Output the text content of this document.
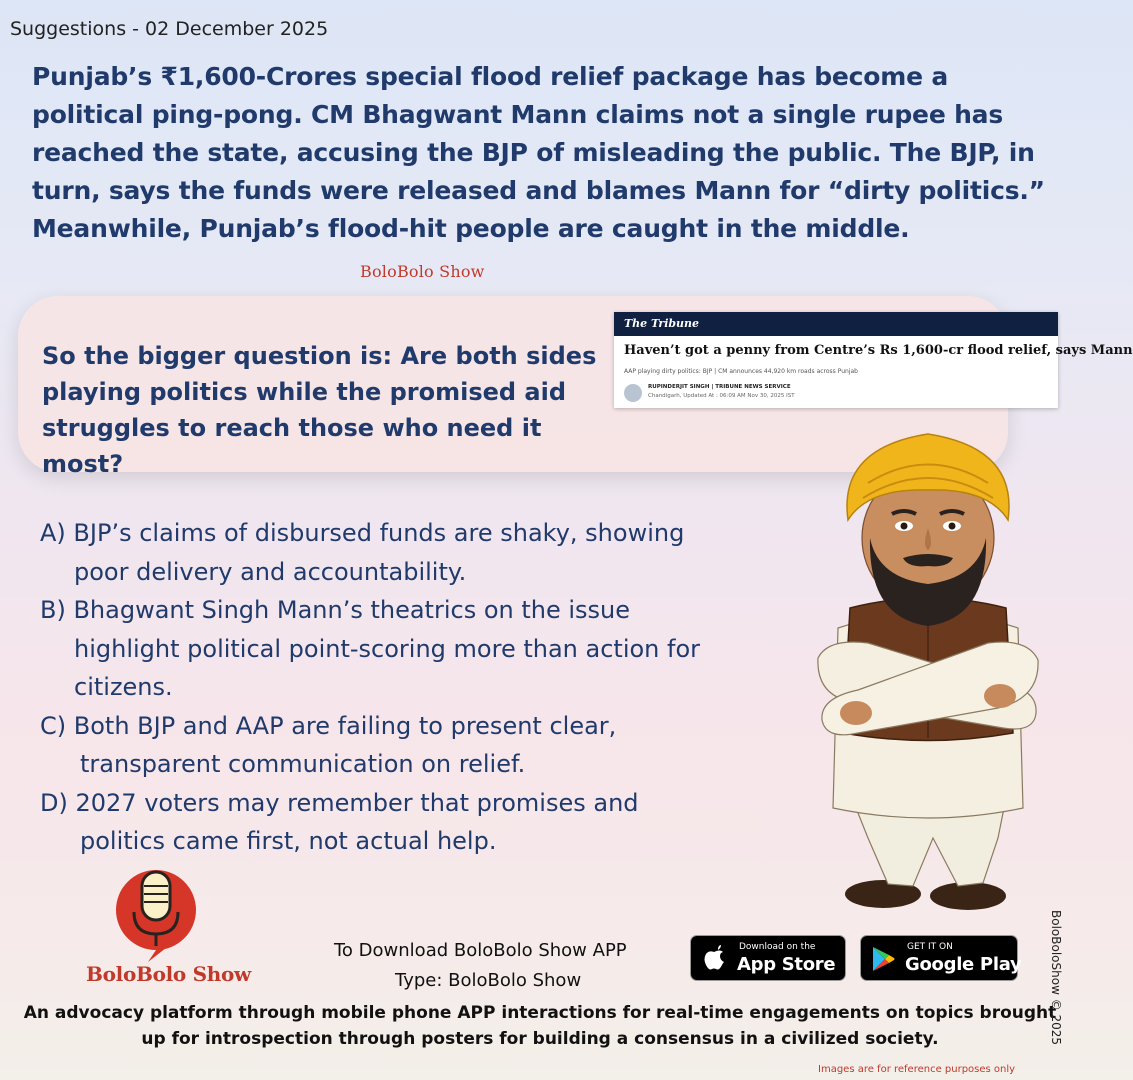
Suggestions - 02 December 2025
Punjab’s ₹1,600-Crores special flood relief package has become a political ping-pong. CM Bhagwant Mann claims not a single rupee has reached the state, accusing the BJP of misleading the public. The BJP, in turn, says the funds were released and blames Mann for “dirty politics.” Meanwhile, Punjab’s flood-hit people are caught in the middle.
BoloBolo Show
So the bigger question is: Are both sides playing politics while the promised aid struggles to reach those who need it most?
The Tribune
Haven’t got a penny from Centre’s Rs 1,600-cr flood relief, says Mann
AAP playing dirty politics: BJP | CM announces 44,920 km roads across Punjab
RUPINDERJIT SINGH | TRIBUNE NEWS SERVICE
Chandigarh, Updated At : 06:09 AM Nov 30, 2025 IST
A) BJP’s claims of disbursed funds are shaky, showing
poor delivery and accountability.
B) Bhagwant Singh Mann’s theatrics on the issue
highlight political point-scoring more than action for
citizens.
C) Both BJP and AAP are failing to present clear,
transparent communication on relief.
D) 2027 voters may remember that promises and
politics came first, not actual help.
BoloBolo Show
To Download BoloBolo Show APP
Type: BoloBolo Show
Download on the
App Store
GET IT ON
Google Play
An advocacy platform through mobile phone APP interactions for real-time engagements on topics brought up for introspection through posters for building a consensus in a civilized society.	BoloBoloShow © 2025
Images are for reference purposes only
